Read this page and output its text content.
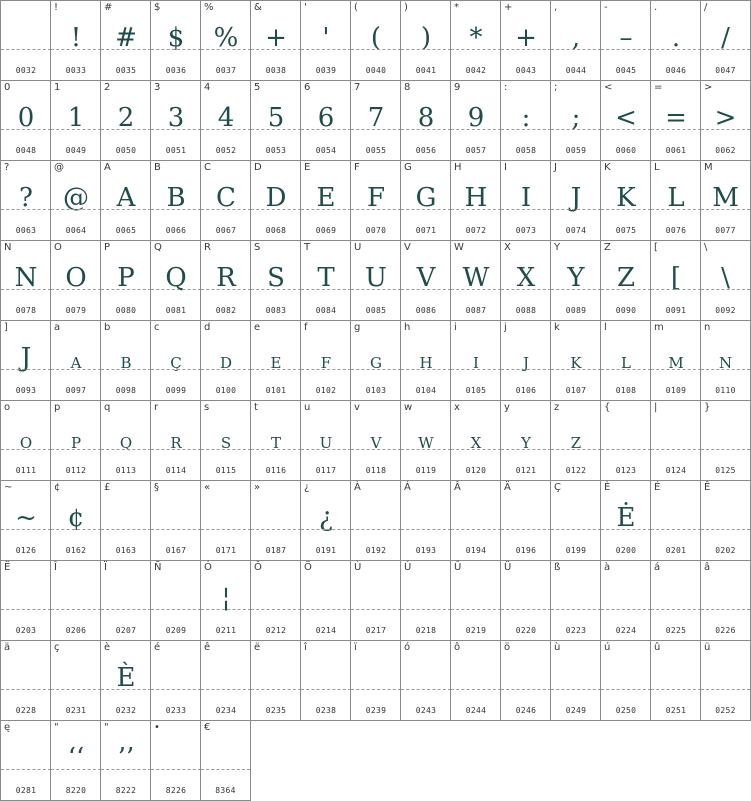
0032
!
!
0033
#
#
0035
$
$
0036
%
%
0037
&
+
0038
'
'
0039
(
(
0040
)
)
0041
*
*
0042
+
+
0043
,
,
0044
-
–
0045
.
.
0046
/
/
0047
0
0
0048
1
1
0049
2
2
0050
3
3
0051
4
4
0052
5
5
0053
6
6
0054
7
7
0055
8
8
0056
9
9
0057
:
:
0058
;
;
0059
<
<
0060
=
=
0061
>
>
0062
?
?
0063
@
@
0064
A
A
0065
B
B
0066
C
C
0067
D
D
0068
E
E
0069
F
F
0070
G
G
0071
H
H
0072
I
I
0073
J
J
0074
K
K
0075
L
L
0076
M
M
0077
N
N
0078
O
O
0079
P
P
0080
Q
Q
0081
R
R
0082
S
S
0083
T
T
0084
U
U
0085
V
V
0086
W
W
0087
X
X
0088
Y
Y
0089
Z
Z
0090
[
[
0091
\
\
0092
]
J
0093
a
A
0097
b
B
0098
c
Ç
0099
d
D
0100
e
E
0101
f
F
0102
g
G
0103
h
H
0104
i
I
0105
j
J
0106
k
K
0107
l
L
0108
m
M
0109
n
N
0110
o
O
0111
p
P
0112
q
Q
0113
r
R
0114
s
S
0115
t
T
0116
u
U
0117
v
V
0118
w
W
0119
x
X
0120
y
Y
0121
z
Z
0122
{
0123
|
0124
}
0125
~
~
0126
¢
¢
0162
£
0163
§
0167
«
0171
»
0187
¿
¿
0191
À
0192
Á
0193
Â
0194
Ä
0196
Ç
0199
È
Ė
0200
É
0201
Ê
0202
Ë
0203
Î
0206
Ï
0207
Ñ
0209
Ó
¦
0211
Ô
0212
Ö
0214
Ù
0217
Ú
0218
Û
0219
Ü
0220
ß
0223
à
0224
á
0225
â
0226
ä
0228
ç
0231
è
È
0232
é
0233
ê
0234
ë
0235
î
0238
ï
0239
ó
0243
ô
0244
ö
0246
ù
0249
ú
0250
û
0251
ü
0252
ę
0281
"
‘‘
8220
"
’’
8222
•
8226
€
8364
